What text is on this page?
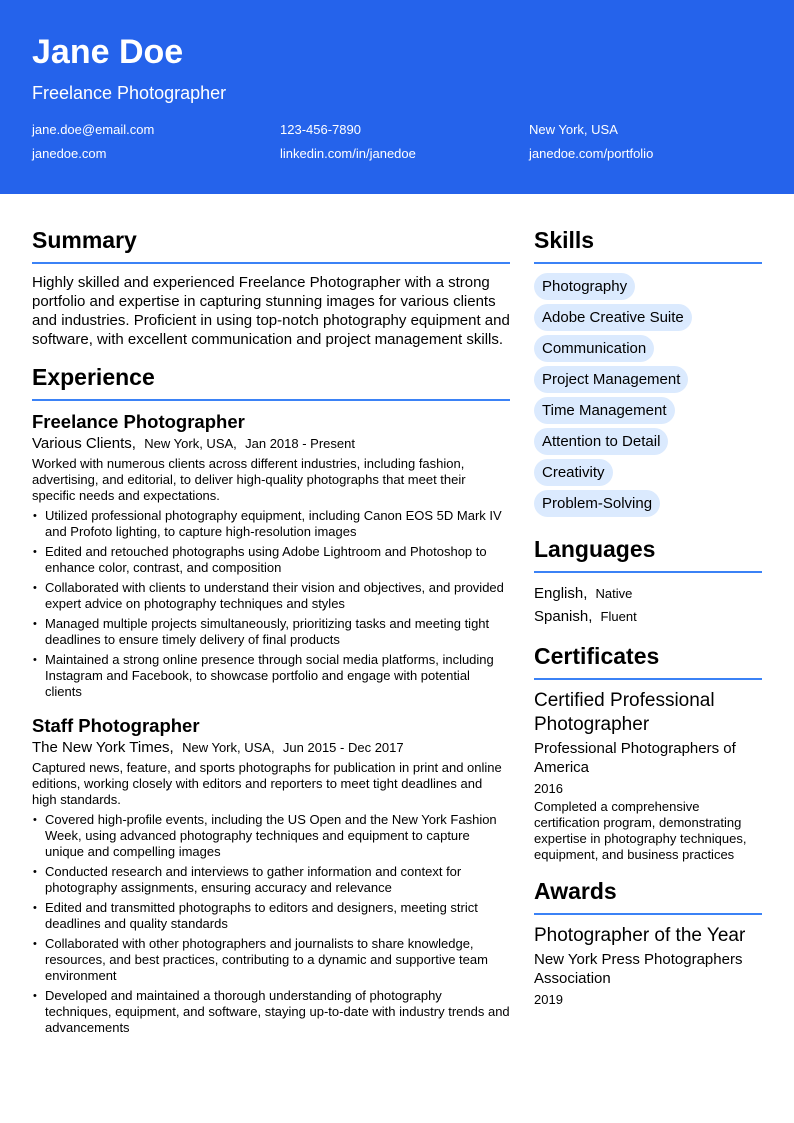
Jane Doe
Freelance Photographer
jane.doe@email.com	123-456-7890	New York, USA
janedoe.com	linkedin.com/in/janedoe	janedoe.com/portfolio
Summary

Highly skilled and experienced Freelance Photographer with a strong portfolio and expertise in capturing stunning images for various clients and industries. Proficient in using top-notch photography equipment and software, with excellent communication and project management skills.

Experience
Freelance Photographer
Various Clients, New York, USA, Jan 2018 - Present

Worked with numerous clients across different industries, including fashion, advertising, and editorial, to deliver high-quality photographs that meet their specific needs and expectations.

• Utilized professional photography equipment, including Canon EOS 5D Mark IV and Profoto lighting, to capture high-resolution images
• Edited and retouched photographs using Adobe Lightroom and Photoshop to enhance color, contrast, and composition
• Collaborated with clients to understand their vision and objectives, and provided expert advice on photography techniques and styles
• Managed multiple projects simultaneously, prioritizing tasks and meeting tight deadlines to ensure timely delivery of final products
• Maintained a strong online presence through social media platforms, including Instagram and Facebook, to showcase portfolio and engage with potential clients
Staff Photographer
The New York Times, New York, USA, Jun 2015 - Dec 2017

Captured news, feature, and sports photographs for publication in print and online editions, working closely with editors and reporters to meet tight deadlines and high standards.

• Covered high-profile events, including the US Open and the New York Fashion Week, using advanced photography techniques and equipment to capture unique and compelling images
• Conducted research and interviews to gather information and context for photography assignments, ensuring accuracy and relevance
• Edited and transmitted photographs to editors and designers, meeting strict deadlines and quality standards
• Collaborated with other photographers and journalists to share knowledge, resources, and best practices, contributing to a dynamic and supportive team environment
• Developed and maintained a thorough understanding of photography techniques, equipment, and software, staying up-to-date with industry trends and advancements
Skills
Photography
Adobe Creative Suite
Communication
Project Management
Time Management
Attention to Detail
Creativity
Problem-Solving
Languages
English, Native
Spanish, Fluent
Certificates
Certified Professional Photographer
Professional Photographers of America
2016
Completed a comprehensive certification program, demonstrating expertise in photography techniques, equipment, and business practices
Awards
Photographer of the Year
New York Press Photographers Association
2019
